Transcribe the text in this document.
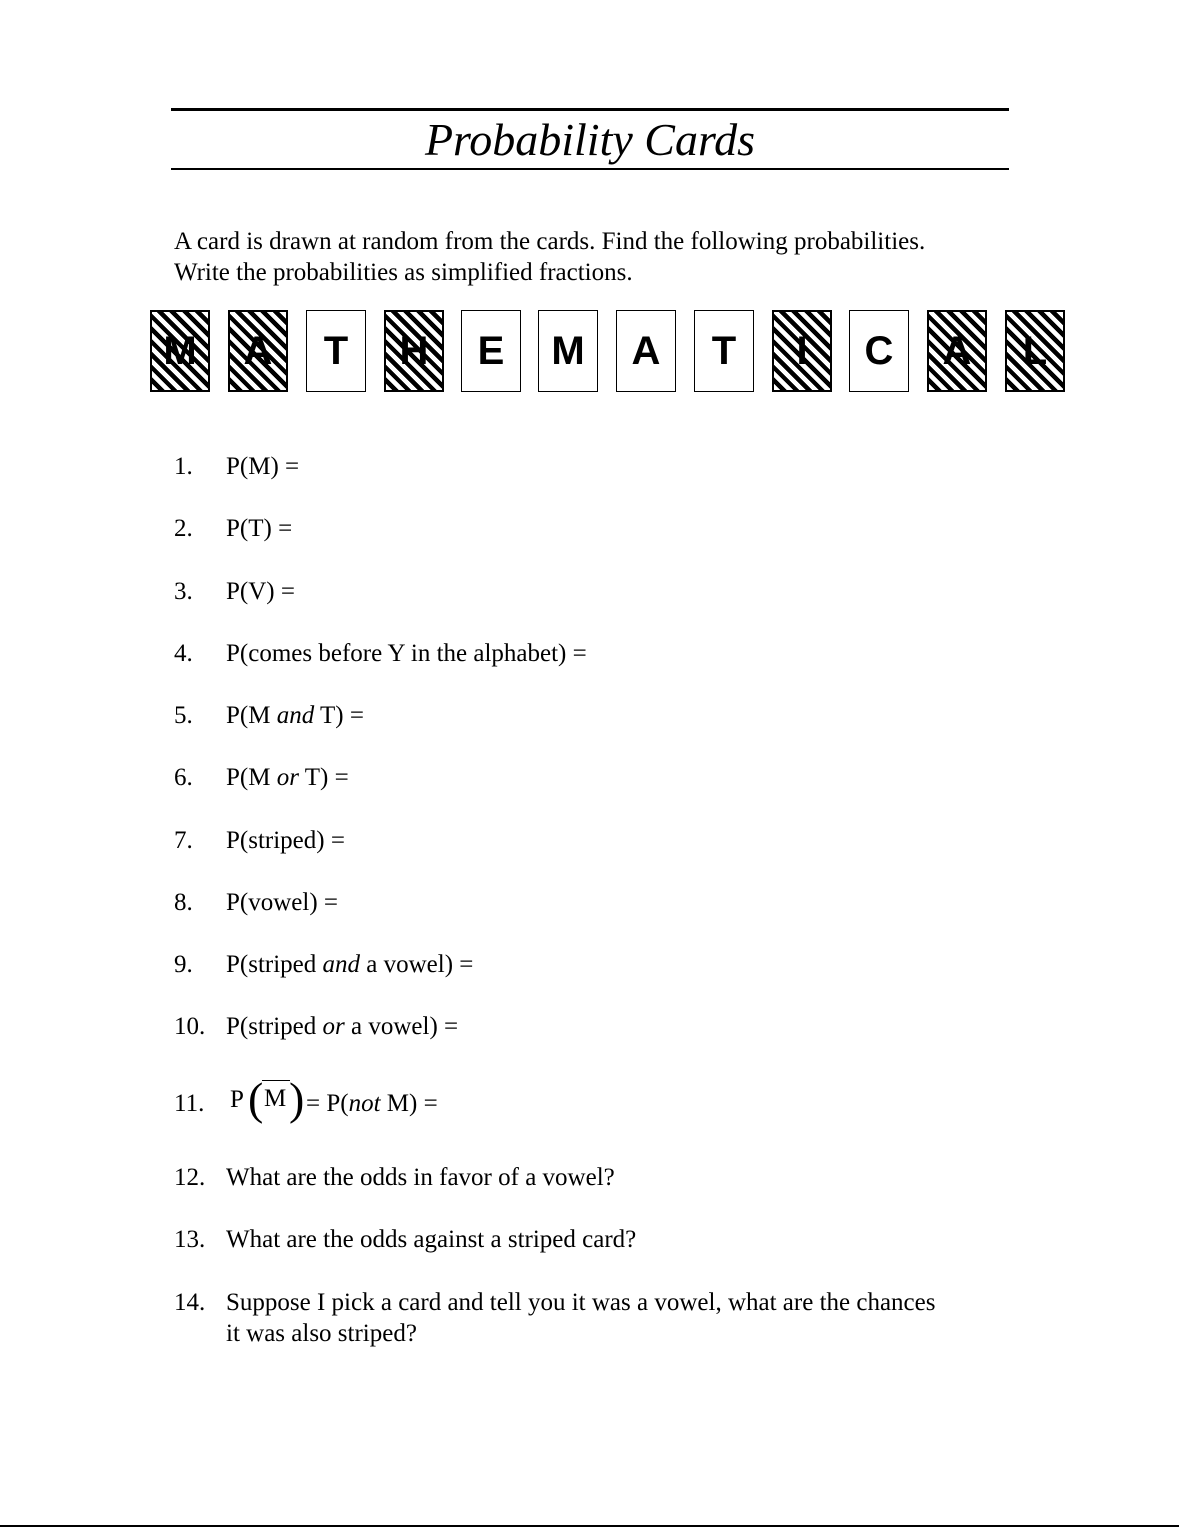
Probability Cards
A card is drawn at random from the cards. Find the following probabilities.
Write the probabilities as simplified fractions.
M A T H E M A T I C A L
1. P(M) =
2. P(T) =
3. P(V) =
4. P(comes before Y in the alphabet) =
5. P(M and T) =
6. P(M or T) =
7. P(striped) =
8. P(vowel) =
9. P(striped and a vowel) =
10. P(striped or a vowel) =
11. P ( M ) = P(not M) =
12. What are the odds in favor of a vowel?
13. What are the odds against a striped card?
14. Suppose I pick a card and tell you it was a vowel, what are the chances
it was also striped?
